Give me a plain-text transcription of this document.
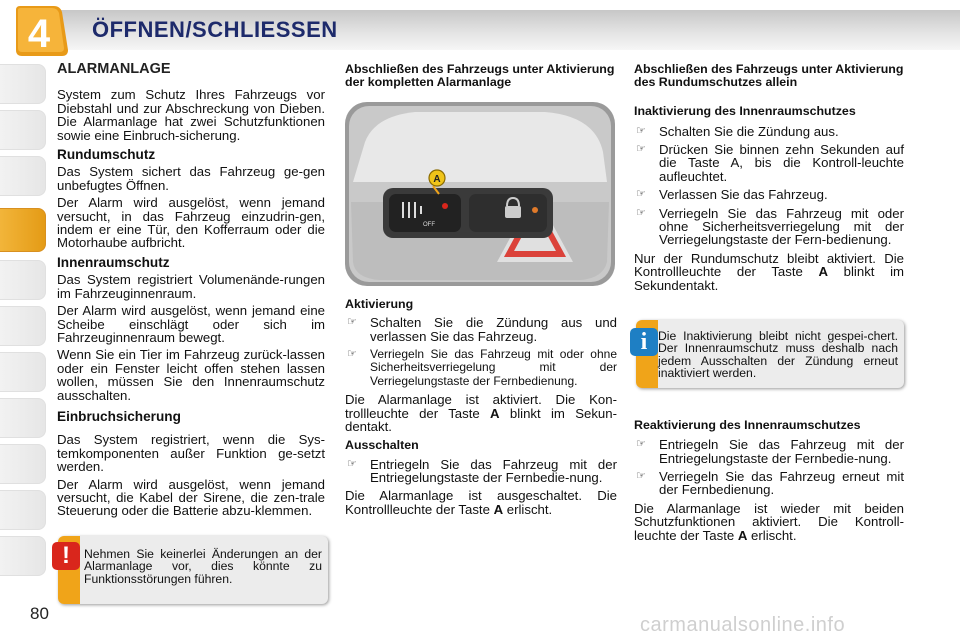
4 ÖFFNEN/SCHLIESSEN
ALARMANLAGE
System zum Schutz Ihres Fahrzeugs vor Diebstahl und zur Abschreckung von Dieben. Die Alarmanlage hat zwei Schutzfunktionen sowie eine Einbruch-sicherung.
Rundumschutz
Das System sichert das Fahrzeug ge-gen unbefugtes Öffnen.
Der Alarm wird ausgelöst, wenn jemand versucht, in das Fahrzeug einzudrin-gen, indem er eine Tür, den Kofferraum oder die Motorhaube aufbricht.
Innenraumschutz
Das System registriert Volumenände-rungen im Fahrzeuginnenraum.
Der Alarm wird ausgelöst, wenn jemand eine Scheibe einschlägt oder sich im Fahrzeuginnenraum bewegt.
Wenn Sie ein Tier im Fahrzeug zurück-lassen oder ein Fenster leicht offen stehen lassen wollen, müssen Sie den Innenraumschutz ausschalten.
Einbruchsicherung
Das System registriert, wenn die Sys-temkomponenten außer Funktion ge-setzt werden.
Der Alarm wird ausgelöst, wenn jemand versucht, die Kabel der Sirene, die zen-trale Steuerung oder die Batterie abzu-klemmen.
!	Nehmen Sie keinerlei Änderungen an der Alarmanlage vor, dies könnte zu Funktionsstörungen führen.
Abschließen des Fahrzeugs unter Aktivierung der kompletten Alarmanlage
OFF
A
Aktivierung
☞ Schalten Sie die Zündung aus und verlassen Sie das Fahrzeug.
☞ Verriegeln Sie das Fahrzeug mit oder ohne Sicherheitsverriegelung mit der Verriegelungstaste der Fernbedienung.
Die Alarmanlage ist aktiviert. Die Kon-trollleuchte der Taste A blinkt im Sekun-dentakt.
Ausschalten
☞ Entriegeln Sie das Fahrzeug mit der Entriegelungstaste der Fernbedie-nung.
Die Alarmanlage ist ausgeschaltet. Die Kontrollleuchte der Taste A erlischt.
Abschließen des Fahrzeugs unter Aktivierung des Rundumschutzes allein
Inaktivierung des Innenraumschutzes
☞ Schalten Sie die Zündung aus.
☞ Drücken Sie binnen zehn Sekunden auf die Taste A, bis die Kontroll-leuchte aufleuchtet.
☞ Verlassen Sie das Fahrzeug.
☞ Verriegeln Sie das Fahrzeug mit oder ohne Sicherheitsverriegelung mit der Verriegelungstaste der Fern-bedienung.
Nur der Rundumschutz bleibt aktiviert. Die Kontrollleuchte der Taste A blinkt im Sekundentakt.
i Die Inaktivierung bleibt nicht gespei-chert. Der Innenraumschutz muss deshalb nach jedem Ausschalten der Zündung erneut inaktiviert werden.
Reaktivierung des Innenraumschutzes
☞ Entriegeln Sie das Fahrzeug mit der Entriegelungstaste der Fernbedie-nung.
☞ Verriegeln Sie das Fahrzeug erneut mit der Fernbedienung.
Die Alarmanlage ist wieder mit beiden Schutzfunktionen aktiviert. Die Kontroll-leuchte der Taste A erlischt.
80
carmanualsonline.info
